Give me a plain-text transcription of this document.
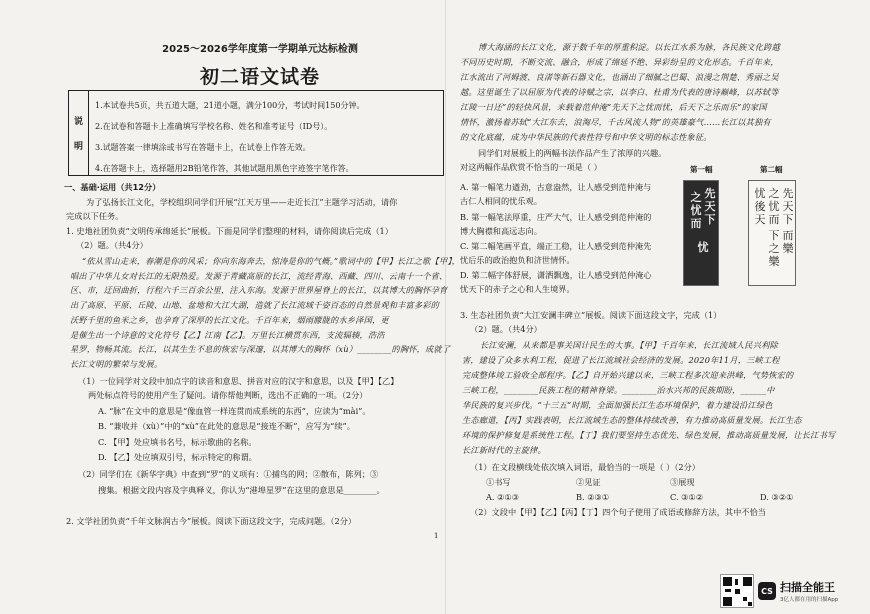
2025～2026学年度第一学期单元达标检测
初二语文试卷
说
明
1.本试卷共5页，共五道大题，21道小题，满分100分，考试时间150分钟。
2.在试卷和答题卡上准确填写学校名称、姓名和准考证号（ID号）。
3.试题答案一律填涂或书写在答题卡上，在试卷上作答无效。
4.在答题卡上，选择题用2B铅笔作答，其他试题用黑色字迹签字笔作答。
一、基础·运用（共12分）
为了弘扬长江文化，学校组织同学们开展“江天万里——走近长江”主题学习活动，请你
完成以下任务。
1. 史地社团负责“文明传承绵延长”展板。下面是同学们整理的材料，请你阅读后完成（1）
（2）题。（共4分）
“依从雪山走来，春潮是你的风采；你向东海奔去，惊涛是你的气概。”歌词中的【甲】长江之歌【甲】，
唱出了中华儿女对长江的无限热爱。发源于青藏高原的长江，流经青海、西藏、四川、云南十一个省、
区、市，迂回曲折，行程六千三百余公里，注入东海。发源于世界屋脊上的长江，以其博大的胸怀孕育
出了高原、平原、丘陵、山地、盆地和大江大湖，造就了长江流域千姿百态的自然景观和丰富多彩的
沃野千里的鱼米之乡，也孕育了深厚的长江文化。千百年来，烟雨朦胧的水乡泽国，更
是催生出一个诗意的文化符号【乙】江南【乙】。万里长江横贯东西，支流辐辏，浩浩
星罗，物畅其流。长江，以其生生不息的恢宏与深邃，以其博大的胸怀（xù）________的胸怀，成就了
长江文明的繁荣与发展。
（1）一位同学对文段中加点字的读音和意思、拼音对应的汉字和意思，以及【甲】【乙】
两处标点符号的使用产生了疑问。请你帮他判断，选出不正确的一项。（2分）
A. “脉”在文中的意思是“像血管一样连贯而成系统的东西”，应读为“mài”。
B. “兼收并（xù）”中的“xù”在此处的意思是“接连不断”，应写为“续”。
C. 【甲】处应填书名号，标示歌曲的名称。
D. 【乙】处应填双引号，标示特定的称谓。
（2）同学们在《新华字典》中查到“罗”的义项有：①捕鸟的网；②散布，陈列；③
搜集。根据文段内容及字典释义，你认为“港埠星罗”在这里的意思是________。
2. 文学社团负责“千年文脉润古今”展板。阅读下面这段文字，完成问题。（2分）
博大海涵的长江文化，源于数千年的厚重积淀。以长江水系为脉，各民族文化跨越
不同历史时期，不断交流、融合，形成了绵延不绝、异彩纷呈的文化形态。千百年来，
江水流出了河姆渡、良渚等新石器文化，也涵出了细腻之巴蜀、浪漫之荆楚、秀丽之吴
越。这里诞生了以屈原为代表的诗赋之宗，以李白、杜甫为代表的唐诗巅峰，以苏轼等
江陵一日还”的轻快风景，来载着范仲淹“先天下之忧而忧，后天下之乐而乐”的家国
情怀，激扬着苏轼“大江东去，浪淘尽，千古风流人物”的英雄豪气……长江以其独有
的文化底蕴，成为中华民族的代表性符号和中华文明的标志性象征。
同学们对展板上的两幅书法作品产生了浓厚的兴趣。
对这两幅作品欣赏不恰当的一项是（ ）	第一幅	第二幅
先
天
下
之
忧
而
忧
先
天
下
之
忧
而
忧
後
天
下
之
樂
而
樂
A. 第一幅笔力遒劲，古意盎然，让人感受到范仲淹与
古仁人相同的忧乐观。
B. 第一幅笔法厚重，庄严大气，让人感受到范仲淹的
博大胸襟和高远志向。
C. 第二幅笔画平直，端正工稳，让人感受到范仲淹先
忧后乐的政治抱负和济世情怀。
D. 第二幅字体舒展，潇洒飘逸，让人感受到范仲淹心
忧天下的赤子之心和人生境界。
3. 生态社团负责“大江安澜丰碑立”展板。阅读下面这段文字，完成（1）
（2）题。（共4分）
长江安澜，从来都是事关国计民生的大事。【甲】千百年来，长江流域人民兴利除
害，建设了众多水利工程，促进了长江流域社会经济的发展。2020年11月，三峡工程
完成整体竣工验收全部程序。【乙】自开始兴建以来，三峡工程多次迎来洪峰，气势恢宏的
三峡工程，________民族工程的精神脊梁。________治水兴邦的民族期盼，______中
华民族的复兴步伐。“十三五”时期，全面加强长江生态环境保护，着力建设沿江绿色
生态廊道，【丙】实践表明，长江流域生态的整体持续改善，有力推动高质量发展。长江生态
环境的保护修复是系统性工程。【丁】我们要坚持生态优先、绿色发展，推动高质量发展，让长江书写
长江新时代的主旋律。
（1）在文段横线处依次填入词语，最恰当的一项是（ ）（2分）
①书写	②见证	③展现
A. ②①③	B. ②③①	C. ③①②	D. ③②①
（2）文段中【甲】【乙】【丙】【丁】四个句子使用了成语或修辞方法，其中不恰当
1
CS 扫描全能王
3亿人都在用的扫描App
